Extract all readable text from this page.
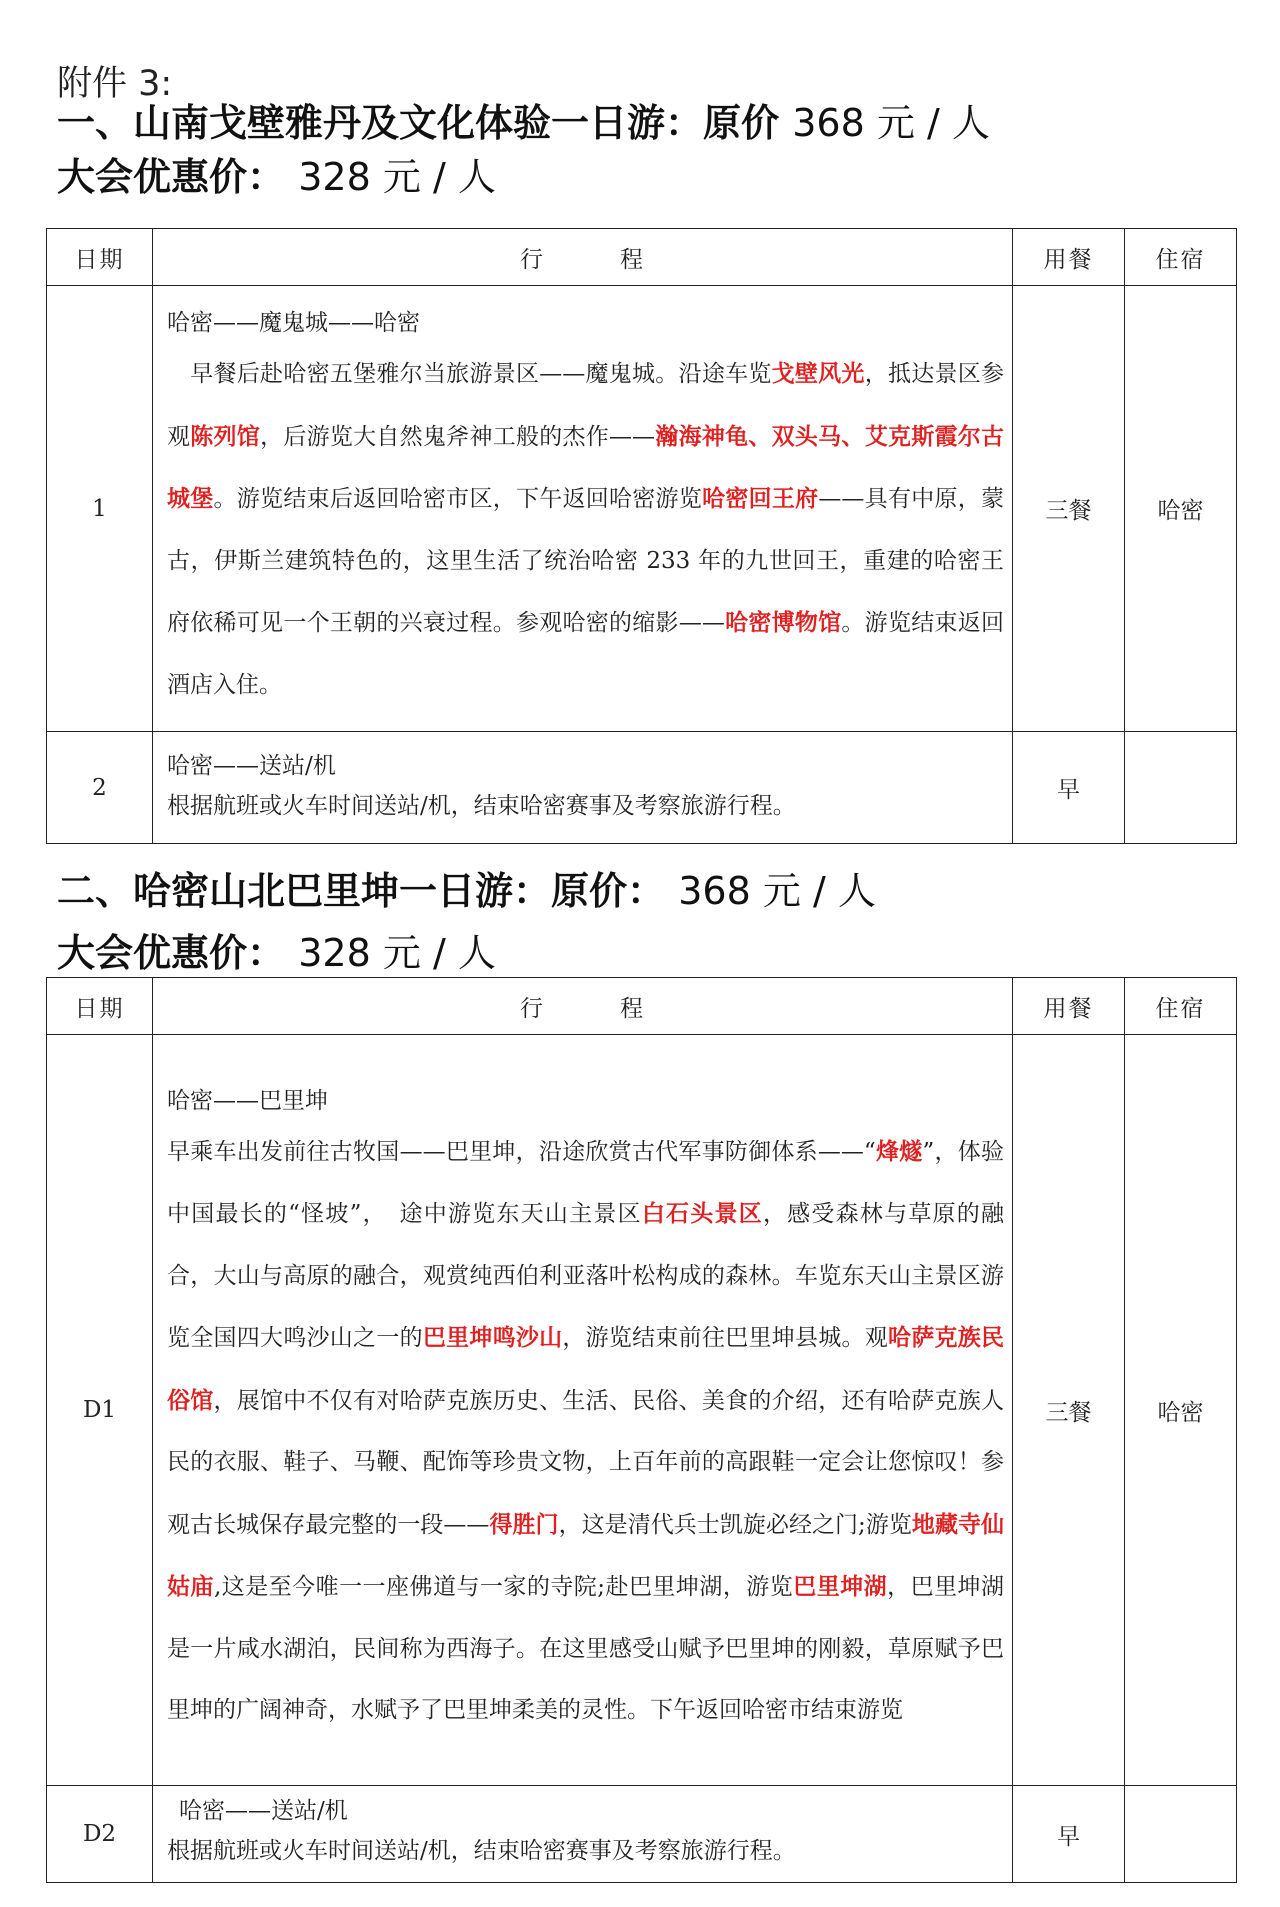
附件 3:
一、山南戈壁雅丹及文化体验一日游：原价 368 元 / 人
大会优惠价： 328 元 / 人
日期	行　　　程	用餐	住宿
1	哈密——魔鬼城——哈密
　早餐后赴哈密五堡雅尔当旅游景区——魔鬼城。沿途车览戈壁风光，抵达景区参观陈列馆，后游览大自然鬼斧神工般的杰作——瀚海神龟、双头马、艾克斯霞尔古城堡。游览结束后返回哈密市区，下午返回哈密游览哈密回王府——具有中原，蒙古，伊斯兰建筑特色的，这里生活了统治哈密 233 年的九世回王，重建的哈密王府依稀可见一个王朝的兴衰过程。参观哈密的缩影——哈密博物馆。游览结束返回酒店入住。	三餐	哈密
2	哈密——送站/机
根据航班或火车时间送站/机，结束哈密赛事及考察旅游行程。	早	
二、哈密山北巴里坤一日游：原价： 368 元 / 人
大会优惠价： 328 元 / 人
日期	行　　　程	用餐	住宿
D1	哈密——巴里坤
早乘车出发前往古牧国——巴里坤，沿途欣赏古代军事防御体系——“烽燧”，体验中国最长的“怪坡”，　途中游览东天山主景区白石头景区，感受森林与草原的融合，大山与高原的融合，观赏纯西伯利亚落叶松构成的森林。车览东天山主景区游览全国四大鸣沙山之一的巴里坤鸣沙山，游览结束前往巴里坤县城。观哈萨克族民俗馆，展馆中不仅有对哈萨克族历史、生活、民俗、美食的介绍，还有哈萨克族人民的衣服、鞋子、马鞭、配饰等珍贵文物，上百年前的高跟鞋一定会让您惊叹！参观古长城保存最完整的一段——得胜门，这是清代兵士凯旋必经之门;游览地藏寺仙姑庙,这是至今唯一一座佛道与一家的寺院;赴巴里坤湖，游览巴里坤湖，巴里坤湖是一片咸水湖泊，民间称为西海子。在这里感受山赋予巴里坤的刚毅，草原赋予巴里坤的广阔神奇，水赋予了巴里坤柔美的灵性。下午返回哈密市结束游览	三餐	哈密
D2	哈密——送站/机
根据航班或火车时间送站/机，结束哈密赛事及考察旅游行程。	早	
